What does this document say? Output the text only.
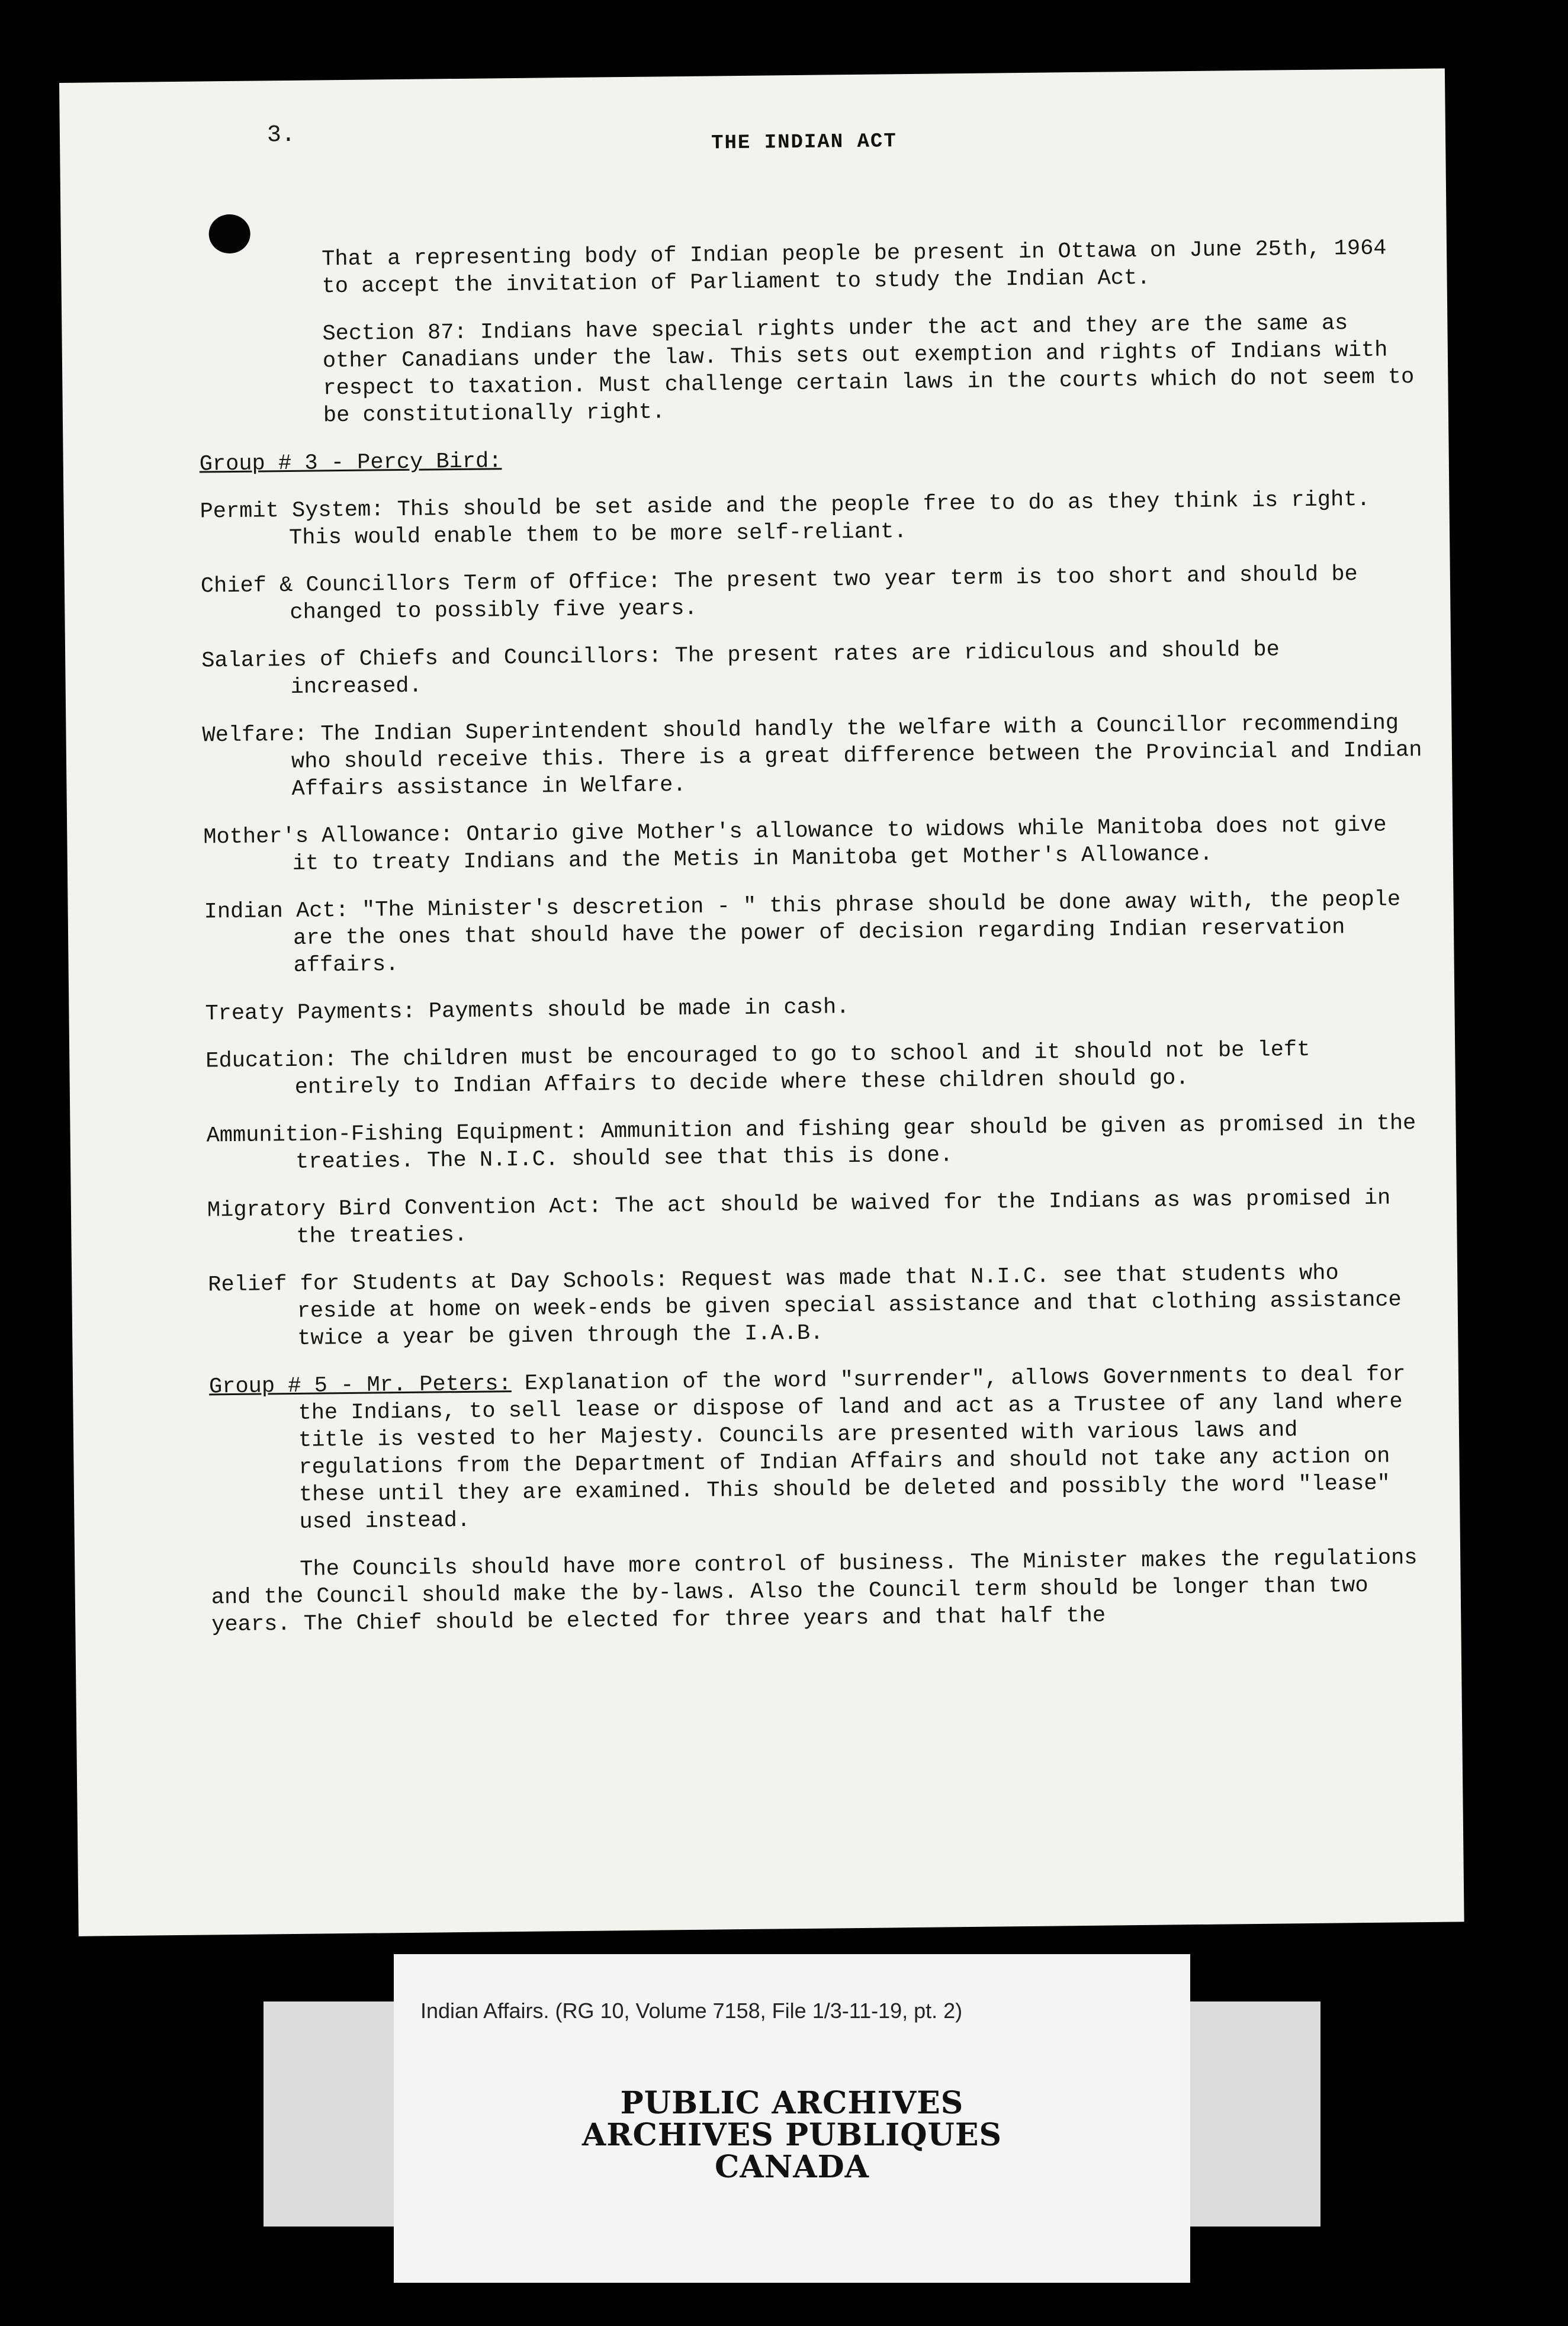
3.	THE INDIAN ACT

That a representing body of Indian people be present in Ottawa on June 25th, 1964 to accept the invitation of Parliament to study the Indian Act.

Section 87: Indians have special rights under the act and they are the same as other Canadians under the law. This sets out exemption and rights of Indians with respect to taxation. Must challenge certain laws in the courts which do not seem to be constitutionally right.

Group # 3 - Percy Bird:

Permit System: This should be set aside and the people free to do as they think is right. This would enable them to be more self-reliant.

Chief & Councillors Term of Office: The present two year term is too short and should be changed to possibly five years.

Salaries of Chiefs and Councillors: The present rates are ridiculous and should be increased.

Welfare: The Indian Superintendent should handly the welfare with a Councillor recommending who should receive this. There is a great difference between the Provincial and Indian Affairs assistance in Welfare.

Mother's Allowance: Ontario give Mother's allowance to widows while Manitoba does not give it to treaty Indians and the Metis in Manitoba get Mother's Allowance.

Indian Act: "The Minister's descretion - " this phrase should be done away with, the people are the ones that should have the power of decision regarding Indian reservation affairs.

Treaty Payments: Payments should be made in cash.

Education: The children must be encouraged to go to school and it should not be left entirely to Indian Affairs to decide where these children should go.

Ammunition-Fishing Equipment: Ammunition and fishing gear should be given as promised in the treaties. The N.I.C. should see that this is done.

Migratory Bird Convention Act: The act should be waived for the Indians as was promised in the treaties.

Relief for Students at Day Schools: Request was made that N.I.C. see that students who reside at home on week-ends be given special assistance and that clothing assistance twice a year be given through the I.A.B.

Group # 5 - Mr. Peters: Explanation of the word "surrender", allows Governments to deal for the Indians, to sell lease or dispose of land and act as a Trustee of any land where title is vested to her Majesty. Councils are presented with various laws and regulations from the Department of Indian Affairs and should not take any action on these until they are examined. This should be deleted and possibly the word "lease" used instead.

The Councils should have more control of business. The Minister makes the regulations and the Council should make the by-laws. Also the Council term should be longer than two years. The Chief should be elected for three years and that half the

Indian Affairs. (RG 10, Volume 7158, File 1/3-11-19, pt. 2)
PUBLIC ARCHIVES
ARCHIVES PUBLIQUES
CANADA
